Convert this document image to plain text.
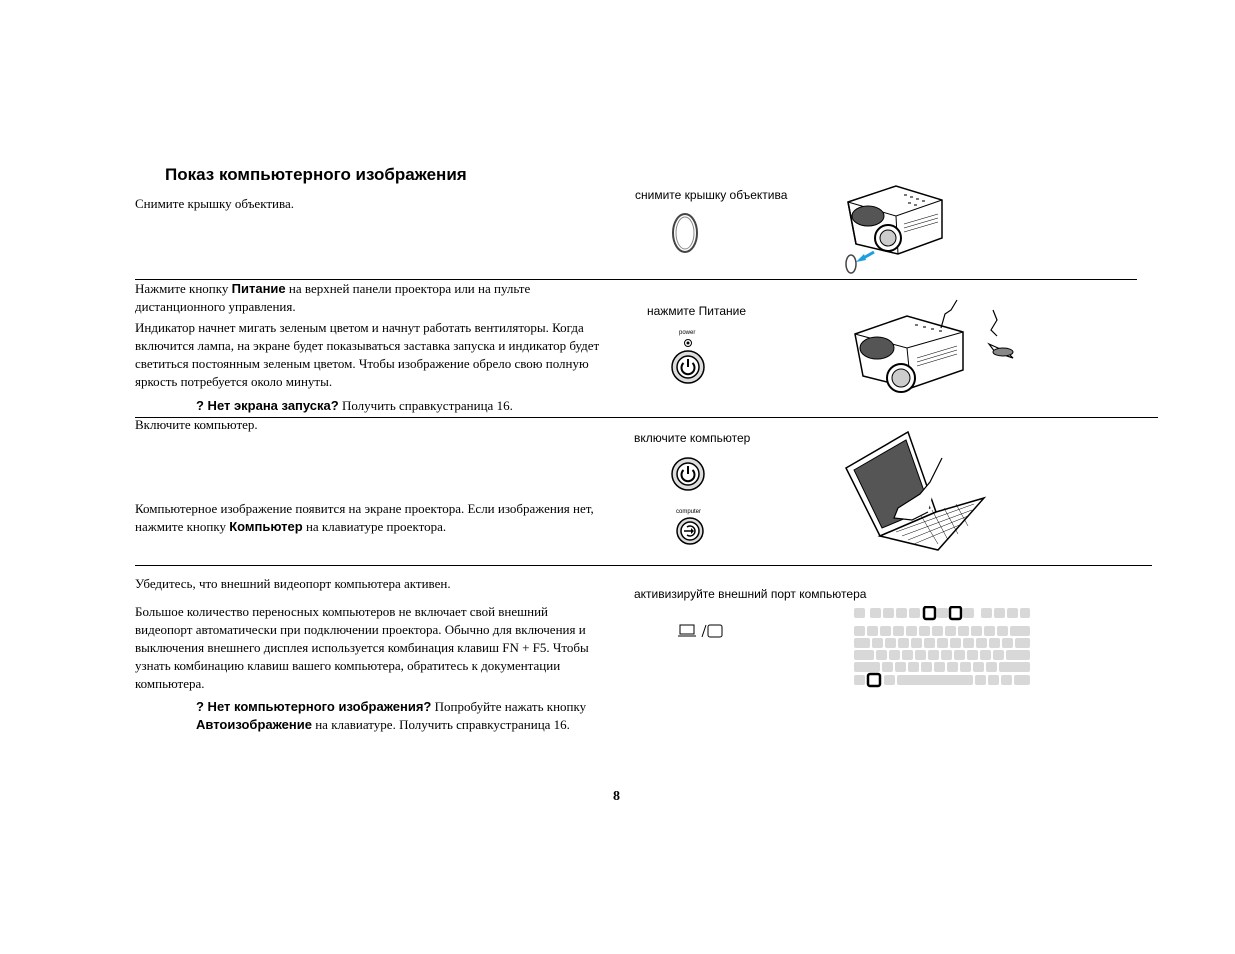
Показ компьютерного изображения
Снимите крышку объектива.
снимите крышку объектива
Нажмите кнопку Питание на верхней панели проектора или на пульте дистанционного управления.
Индикатор начнет мигать зеленым цветом и начнут работать вентиляторы. Когда включится лампа, на экране будет показываться заставка запуска и индикатор будет светиться постоянным зеленым цветом. Чтобы изображение обрело свою полную яркость потребуется около минуты.
? Нет экрана запуска? Получить справкустраница 16.
нажмите Питание
power
Включите компьютер.
Компьютерное изображение появится на экране проектора. Если изображения нет, нажмите кнопку Компьютер на клавиатуре проектора.
включите компьютер
computer
Убедитесь, что внешний видеопорт компьютера активен.
Большое количество переносных компьютеров не включает свой внешний видеопорт автоматически при подключении проектора. Обычно для включения и выключения внешнего дисплея используется комбинация клавиш FN + F5. Чтобы узнать комбинацию клавиш вашего компьютера, обратитесь к документации компьютера.
? Нет компьютерного изображения? Попробуйте нажать кнопку Автоизображение на клавиатуре. Получить справкустраница 16.
активизируйте внешний порт компьютера
8
